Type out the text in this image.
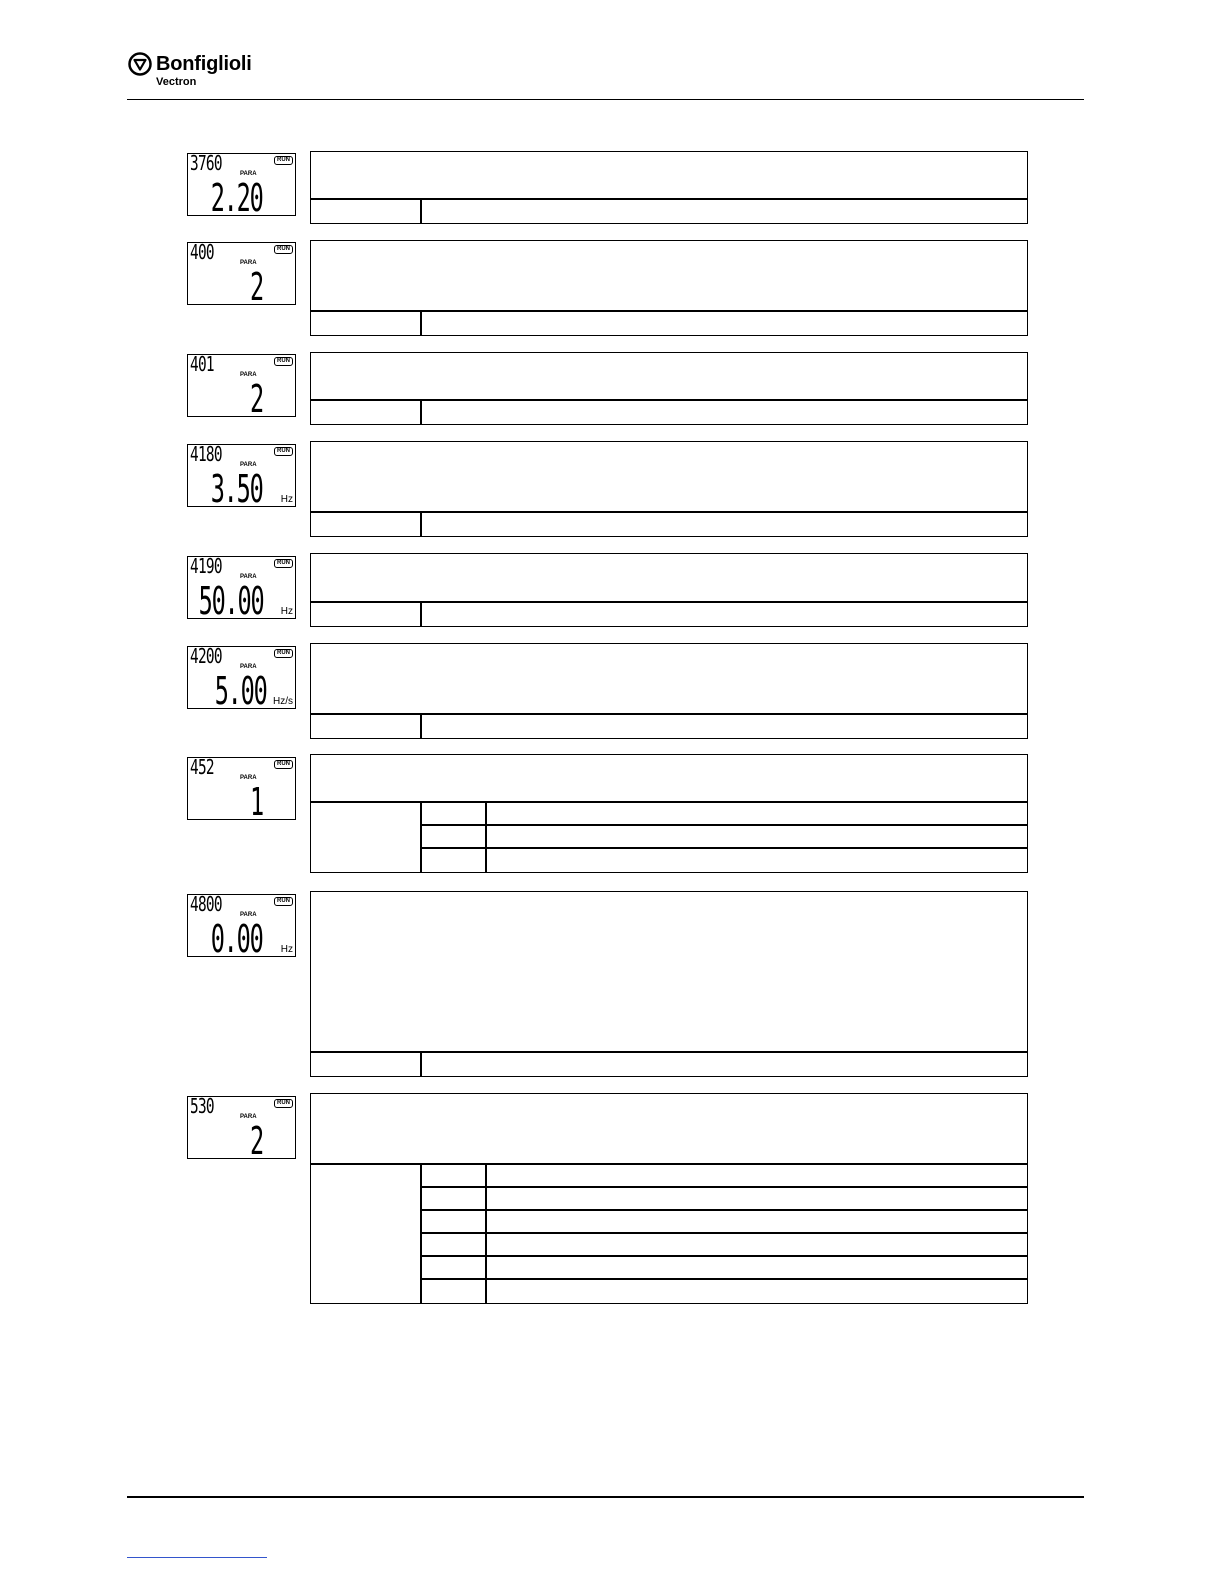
Bonfiglioli
Vectron
3760	PARA
RUN
2.20
400	PARA
RUN
2
401	PARA
RUN
2
4180	PARA
RUN
3.50 Hz
4190	PARA
RUN
50.00 Hz
4200	PARA
RUN
5.00 Hz/s
452	PARA
RUN
1
4800	PARA
RUN
0.00 Hz
530	PARA
RUN
2
